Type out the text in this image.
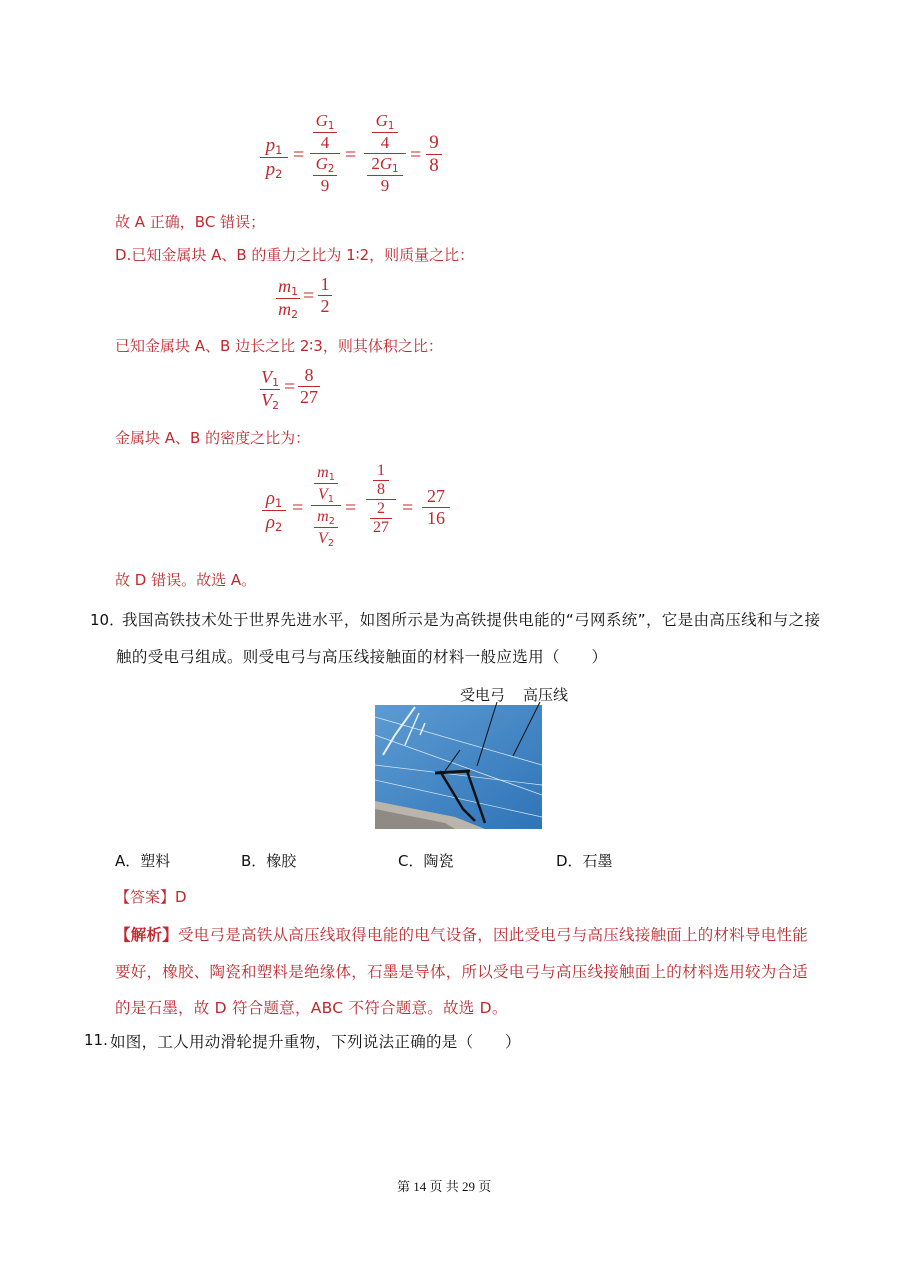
$p_1$
$p_2$
=
$G_1$
4
$G_2$
9
=
$G_1$
4
$2G_1$
9
=
9
8
故 A 正确，BC 错误；
D.已知金属块 A、B 的重力之比为 1∶2，则质量之比：
$m_1$
$m_2$
=
1
2
已知金属块 A、B 边长之比 2∶3，则其体积之比：
$V_1$
$V_2$
=
8
27
金属块 A、B 的密度之比为：
$\rho_1$
$\rho_2$
=
$m_1$
$V_1$
$m_2$
$V_2$
=
1
8
2
27
=
27
16
故 D 错误。故选 A。
10．
我国高铁技术处于世界先进水平，如图所示是为高铁提供电能的“弓网系统”，它是由高压线和与之接
触的受电弓组成。则受电弓与高压线接触面的材料一般应选用（　　）
受电弓 高压线
A．塑料	B．橡胶	C．陶瓷	D．石墨
【答案】D
【解析】受电弓是高铁从高压线取得电能的电气设备，因此受电弓与高压线接触面上的材料导电性能
要好，橡胶、陶瓷和塑料是绝缘体，石墨是导体，所以受电弓与高压线接触面上的材料选用较为合适
的是石墨，故 D 符合题意，ABC 不符合题意。故选 D。
11. 如图，工人用动滑轮提升重物，下列说法正确的是（　　）
第 14 页 共 29 页
